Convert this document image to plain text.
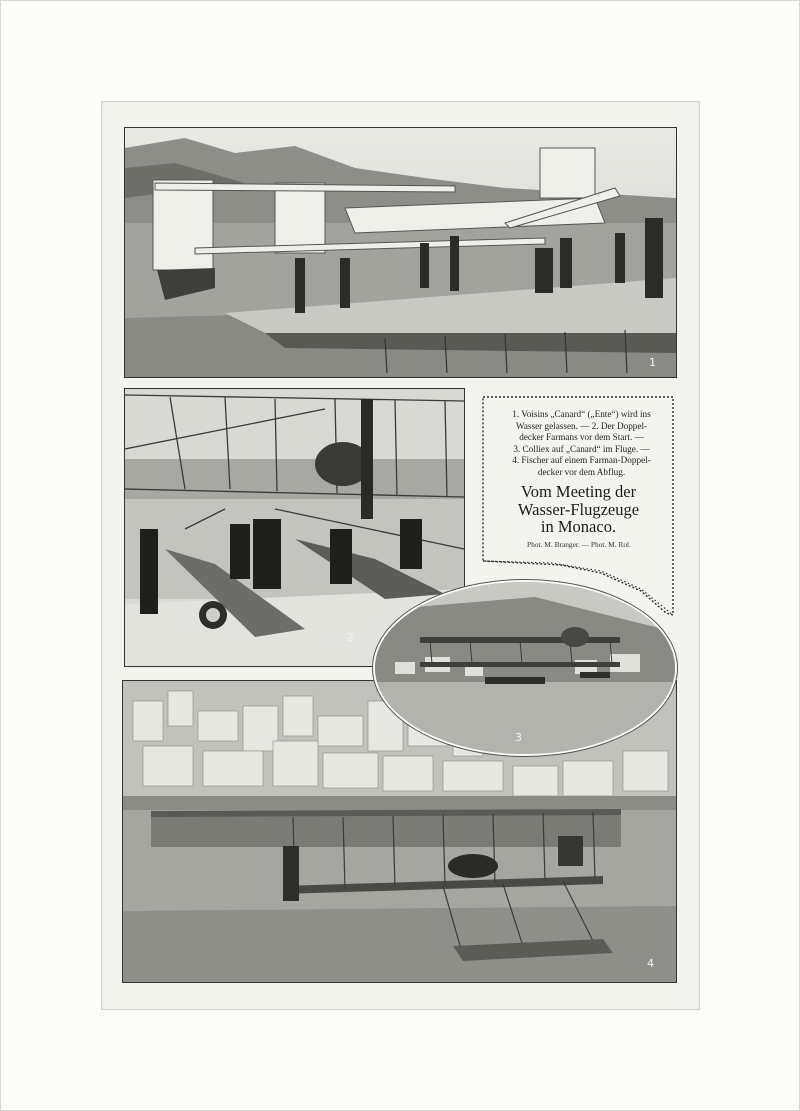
1
2
4
3
1. Voisins „Canard“ („Ente“) wird ins
Wasser gelassen. — 2. Der Doppel-
decker Farmans vor dem Start. —
3. Colliex auf „Canard“ im Fluge. —
4. Fischer auf einem Farman-Doppel-
decker vor dem Abflug.
Vom Meeting der
Wasser-Flugzeuge
in Monaco.
Phot. M. Branger. — Phot. M. Rol.
